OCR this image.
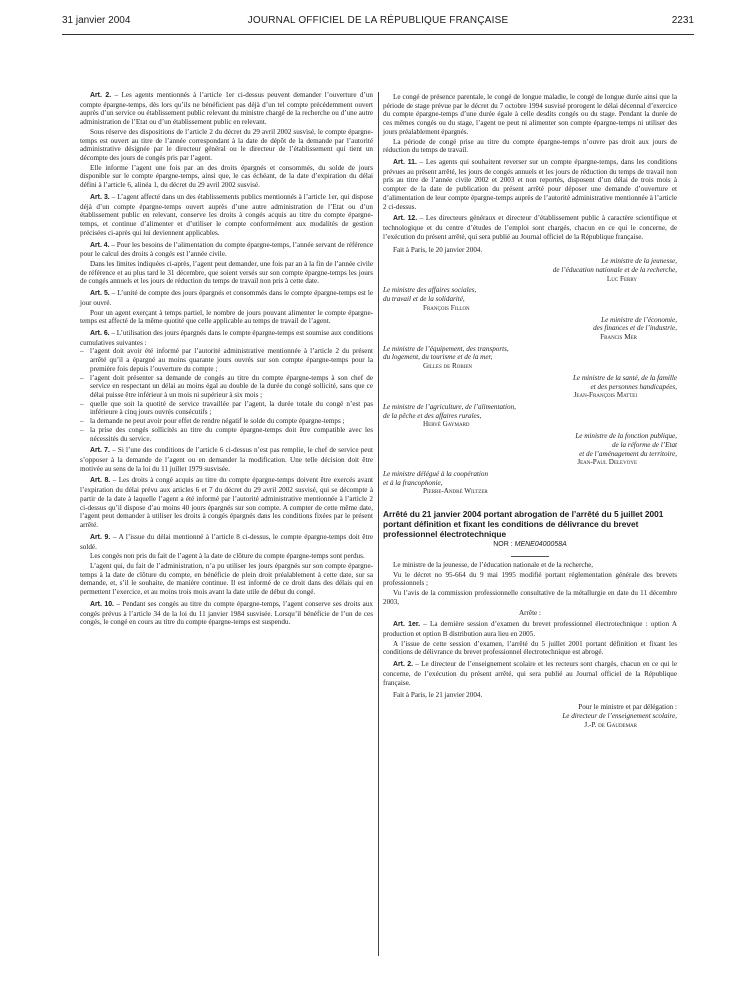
31 janvier 2004	JOURNAL OFFICIEL DE LA RÉPUBLIQUE FRANÇAISE	2231

Art. 2. – Les agents mentionnés à l’article 1er ci-dessus peuvent demander l’ouverture d’un compte épargne-temps, dès lors qu’ils ne bénéficient pas déjà d’un tel compte précédemment ouvert auprès d’un service ou établissement public relevant du ministre chargé de la recherche ou d’une autre administration de l’Etat ou d’un établissement public en relevant.

Sous réserve des dispositions de l’article 2 du décret du 29 avril 2002 susvisé, le compte épargne-temps est ouvert au titre de l’année correspondant à la date de dépôt de la demande par l’autorité administrative désignée par le directeur général ou le directeur de l’établissement qui tient un décompte des jours de congés pris par l’agent.

Elle informe l’agent une fois par an des droits épargnés et consommés, du solde de jours disponible sur le compte épargne-temps, ainsi que, le cas échéant, de la date d’expiration du délai défini à l’article 6, alinéa 1, du décret du 29 avril 2002 susvisé.

Art. 3. – L’agent affecté dans un des établissements publics mentionnés à l’article 1er, qui dispose déjà d’un compte épargne-temps ouvert auprès d’une autre administration de l’Etat ou d’un établissement public en relevant, conserve les droits à congés acquis au titre du compte épargne-temps, et continue d’alimenter et d’utiliser le compte conformément aux modalités de gestion précisées ci-après qui lui deviennent applicables.

Art. 4. – Pour les besoins de l’alimentation du compte épargne-temps, l’année servant de référence pour le calcul des droits à congés est l’année civile.

Dans les limites indiquées ci-après, l’agent peut demander, une fois par an à la fin de l’année civile de référence et au plus tard le 31 décembre, que soient versés sur son compte épargne-temps les jours de congés annuels et les jours de réduction du temps de travail non pris à cette date.

Art. 5. – L’unité de compte des jours épargnés et consommés dans le compte épargne-temps est le jour ouvré.

Pour un agent exerçant à temps partiel, le nombre de jours pouvant alimenter le compte épargne-temps est affecté de la même quotité que celle applicable au temps de travail de l’agent.

Art. 6. – L’utilisation des jours épargnés dans le compte épargne-temps est soumise aux conditions cumulatives suivantes :

– l’agent doit avoir été informé par l’autorité administrative mentionnée à l’article 2 du présent arrêté qu’il a épargné au moins quarante jours ouvrés sur son compte épargne-temps pour la première fois depuis l’ouverture du compte ;
– l’agent doit présenter sa demande de congés au titre du compte épargne-temps à son chef de service en respectant un délai au moins égal au double de la durée du congé sollicité, sans que ce délai puisse être inférieur à un mois ni supérieur à six mois ;
– quelle que soit la quotité de service travaillée par l’agent, la durée totale du congé n’est pas inférieure à cinq jours ouvrés consécutifs ;
– la demande ne peut avoir pour effet de rendre négatif le solde du compte épargne-temps ;
– la prise des congés sollicités au titre du compte épargne-temps doit être compatible avec les nécessités du service.

Art. 7. – Si l’une des conditions de l’article 6 ci-dessus n’est pas remplie, le chef de service peut s’opposer à la demande de l’agent ou en demander la modification. Une telle décision doit être motivée au sens de la loi du 11 juillet 1979 susvisée.

Art. 8. – Les droits à congé acquis au titre du compte épargne-temps doivent être exercés avant l’expiration du délai prévu aux articles 6 et 7 du décret du 29 avril 2002 susvisé, qui se décompte à partir de la date à laquelle l’agent a été informé par l’autorité administrative mentionnée à l’article 2 ci-dessus qu’il dispose d’au moins 40 jours épargnés sur son compte. A compter de cette même date, l’agent peut demander à utiliser les droits à congés épargnés dans les conditions fixées par le présent arrêté.

Art. 9. – A l’issue du délai mentionné à l’article 8 ci-dessus, le compte épargne-temps doit être soldé.

Les congés non pris du fait de l’agent à la date de clôture du compte épargne-temps sont perdus.

L’agent qui, du fait de l’administration, n’a pu utiliser les jours épargnés sur son compte épargne-temps à la date de clôture du compte, en bénéficie de plein droit préalablement à cette date, sur sa demande, et, s’il le souhaite, de manière continue. Il est informé de ce droit dans des délais qui en permettent l’exercice, et au moins trois mois avant la date utile de début du congé.

Art. 10. – Pendant ses congés au titre du compte épargne-temps, l’agent conserve ses droits aux congés prévus à l’article 34 de la loi du 11 janvier 1984 susvisée. Lorsqu’il bénéficie de l’un de ces congés, le congé en cours au titre du compte épargne-temps est suspendu.

Le congé de présence parentale, le congé de longue maladie, le congé de longue durée ainsi que la période de stage prévue par le décret du 7 octobre 1994 susvisé prorogent le délai décennal d’exercice du compte épargne-temps d’une durée égale à celle desdits congés ou du stage. Pendant la durée de ces mêmes congés ou du stage, l’agent ne peut ni alimenter son compte épargne-temps ni utiliser des jours préalablement épargnés.

La période de congé prise au titre du compte épargne-temps n’ouvre pas droit aux jours de réduction du temps de travail.

Art. 11. – Les agents qui souhaitent reverser sur un compte épargne-temps, dans les conditions prévues au présent arrêté, les jours de congés annuels et les jours de réduction du temps de travail non pris au titre de l’année civile 2002 et 2003 et non reportés, disposent d’un délai de trois mois à compter de la date de publication du présent arrêté pour déposer une demande d’ouverture et d’alimentation de leur compte épargne-temps auprès de l’autorité administrative mentionnée à l’article 2 ci-dessus.

Art. 12. – Les directeurs généraux et directeur d’établissement public à caractère scientifique et technologique et du centre d’études de l’emploi sont chargés, chacun en ce qui le concerne, de l’exécution du présent arrêté, qui sera publié au Journal officiel de la République française.

Fait à Paris, le 20 janvier 2004.

Le ministre de la jeunesse,
de l’éducation nationale et de la recherche,
Luc Ferry
Le ministre des affaires sociales,
du travail et de la solidarité,
François Fillon
Le ministre de l’économie,
des finances et de l’industrie,
Francis Mer
Le ministre de l’équipement, des transports,
du logement, du tourisme et de la mer,
Gilles de Robien
Le ministre de la santé, de la famille
et des personnes handicapées,
Jean-François Mattei
Le ministre de l’agriculture, de l’alimentation,
de la pêche et des affaires rurales,
Hervé Gaymard
Le ministre de la fonction publique,
de la réforme de l’Etat
et de l’aménagement du territoire,
Jean-Paul Delevoye
Le ministre délégué à la coopération
et à la francophonie,
Pierre-André Wiltzer
Arrêté du 21 janvier 2004 portant abrogation de l’arrêté du 5 juillet 2001 portant définition et fixant les conditions de délivrance du brevet professionnel électrotechnique
NOR : MENE0400058A

Le ministre de la jeunesse, de l’éducation nationale et de la recherche,

Vu le décret no 95-664 du 9 mai 1995 modifié portant réglementation générale des brevets professionnels ;

Vu l’avis de la commission professionnelle consultative de la métallurgie en date du 11 décembre 2003,

Arrête :

Art. 1er. – La dernière session d’examen du brevet professionnel électrotechnique : option A production et option B distribution aura lieu en 2005.

A l’issue de cette session d’examen, l’arrêté du 5 juillet 2001 portant définition et fixant les conditions de délivrance du brevet professionnel électrotechnique est abrogé.

Art. 2. – Le directeur de l’enseignement scolaire et les recteurs sont chargés, chacun en ce qui le concerne, de l’exécution du présent arrêté, qui sera publié au Journal officiel de la République française.

Fait à Paris, le 21 janvier 2004.

Pour le ministre et par délégation :
Le directeur de l’enseignement scolaire,
J.-P. de Gaudemar
